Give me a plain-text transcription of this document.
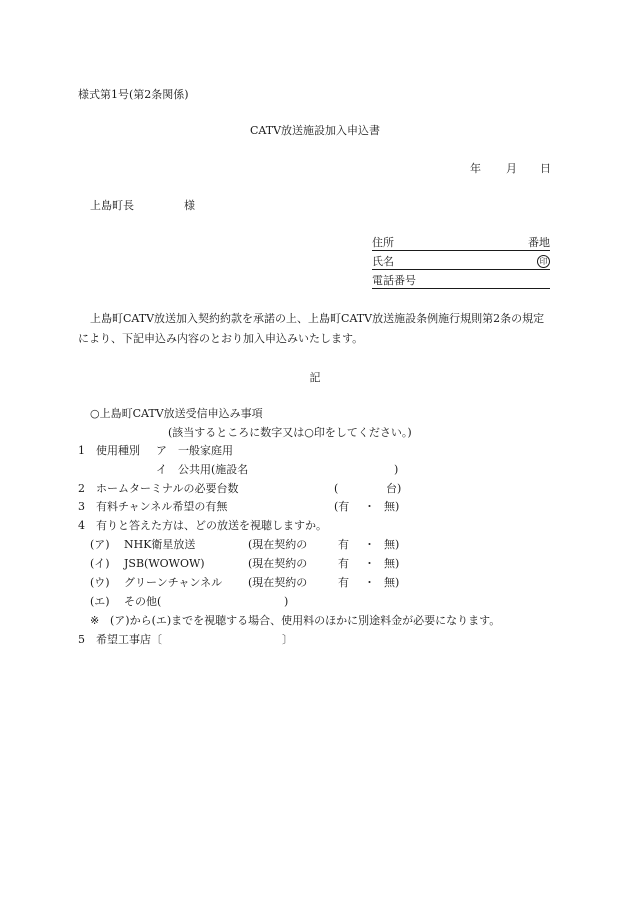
様式第1号(第2条関係)
CATV放送施設加入申込書
年 月 日
上島町長	様
住所	番地
氏名	印
電話番号
上島町CATV放送加入契約約款を承諾の上、上島町CATV放送施設条例施行規則第2条の規定により、下記申込み内容のとおり加入申込みいたします。
記
○上島町CATV放送受信申込み事項
(該当するところに数字又は○印をしてください。)
1 使用種別 ア　一般家庭用
イ　公共用(施設名	)
2 ホームターミナルの必要台数	(	台)
3 有料チャンネル希望の有無	(有 ・ 無)
4 有りと答えた方は、どの放送を視聴しますか。
(ア) NHK衛星放送	(現在契約の	有 ・ 無)
(イ) JSB(WOWOW)	(現在契約の	有 ・ 無)
(ウ) グリーンチャンネル (現在契約の	有 ・ 無)
(エ) その他(	)
※ (ア)から(エ)までを視聴する場合、使用料のほかに別途料金が必要になります。
5 希望工事店〔	〕
